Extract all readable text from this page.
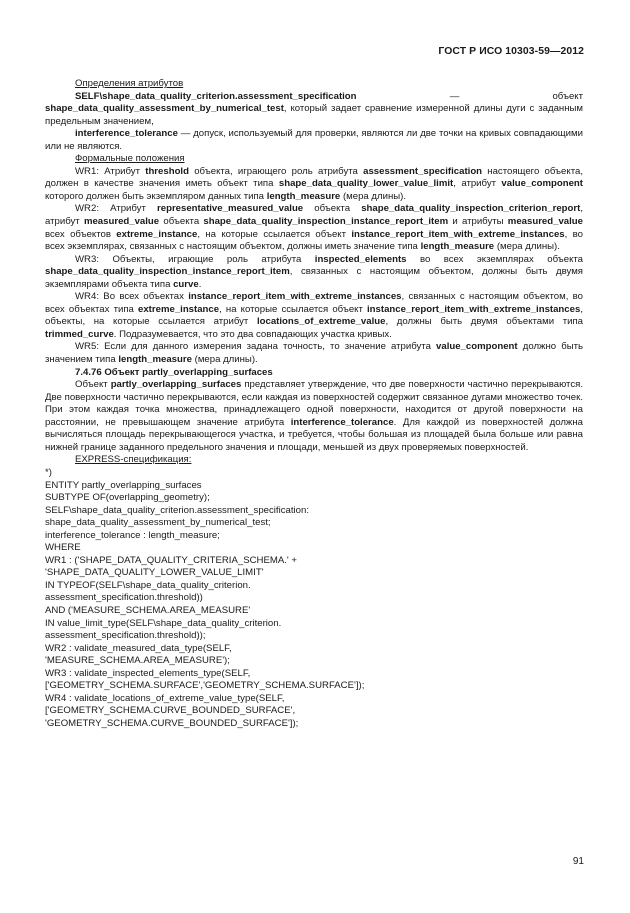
ГОСТ Р ИСО 10303-59—2012

Определения атрибутов

SELF\shape_data_quality_criterion.assessment_specification — объект shape_data_quality_assessment_by_numerical_test, который задает сравнение измеренной длины дуги с заданным предельным значением,

interference_tolerance — допуск, используемый для проверки, являются ли две точки на кривых совпадающими или не являются.

Формальные положения

WR1: Атрибут threshold объекта, играющего роль атрибута assessment_specification настоящего объекта, должен в качестве значения иметь объект типа shape_data_quality_lower_value_limit, атрибут value_component которого должен быть экземпляром данных типа length_measure (мера длины).

WR2: Атрибут representative_measured_value объекта shape_data_quality_inspection_criterion_report, атрибут measured_value объекта shape_data_quality_inspection_instance_report_item и атрибуты measured_value всех объектов extreme_instance, на которые ссылается объект instance_report_item_with_extreme_instances, во всех экземплярах, связанных с настоящим объектом, должны иметь значение типа length_measure (мера длины).

WR3: Объекты, играющие роль атрибута inspected_elements во всех экземплярах объекта shape_data_quality_inspection_instance_report_item, связанных с настоящим объектом, должны быть двумя экземплярами объекта типа curve.

WR4: Во всех объектах instance_report_item_with_extreme_instances, связанных с настоящим объектом, во всех объектах типа extreme_instance, на которые ссылается объект instance_report_item_with_extreme_instances, объекты, на которые ссылается атрибут locations_of_extreme_value, должны быть двумя объектами типа trimmed_curve. Подразумевается, что это два совпадающих участка кривых.

WR5: Если для данного измерения задана точность, то значение атрибута value_component должно быть значением типа length_measure (мера длины).

7.4.76 Объект partly_overlapping_surfaces

Объект partly_overlapping_surfaces представляет утверждение, что две поверхности частично перекрываются. Две поверхности частично перекрываются, если каждая из поверхностей содержит связанное дугами множество точек. При этом каждая точка множества, принадлежащего одной поверхности, находится от другой поверхности на расстоянии, не превышающем значение атрибута interference_tolerance. Для каждой из поверхностей должна вычисляться площадь перекрывающегося участка, и требуется, чтобы большая из площадей была больше или равна нижней границе заданного предельного значения и площади, меньшей из двух проверяемых поверхностей.

EXPRESS-спецификация:

*)

ENTITY partly_overlapping_surfaces

SUBTYPE OF(overlapping_geometry);

SELF\shape_data_quality_criterion.assessment_specification:

shape_data_quality_assessment_by_numerical_test;

interference_tolerance : length_measure;

WHERE

WR1 : ('SHAPE_DATA_QUALITY_CRITERIA_SCHEMA.' +

'SHAPE_DATA_QUALITY_LOWER_VALUE_LIMIT'

IN TYPEOF(SELF\shape_data_quality_criterion.

assessment_specification.threshold))

AND ('MEASURE_SCHEMA.AREA_MEASURE'

IN value_limit_type(SELF\shape_data_quality_criterion.

assessment_specification.threshold));

WR2 : validate_measured_data_type(SELF,

'MEASURE_SCHEMA.AREA_MEASURE');

WR3 : validate_inspected_elements_type(SELF,

['GEOMETRY_SCHEMA.SURFACE','GEOMETRY_SCHEMA.SURFACE']);

WR4 : validate_locations_of_extreme_value_type(SELF,

['GEOMETRY_SCHEMA.CURVE_BOUNDED_SURFACE',

'GEOMETRY_SCHEMA.CURVE_BOUNDED_SURFACE']);

91
